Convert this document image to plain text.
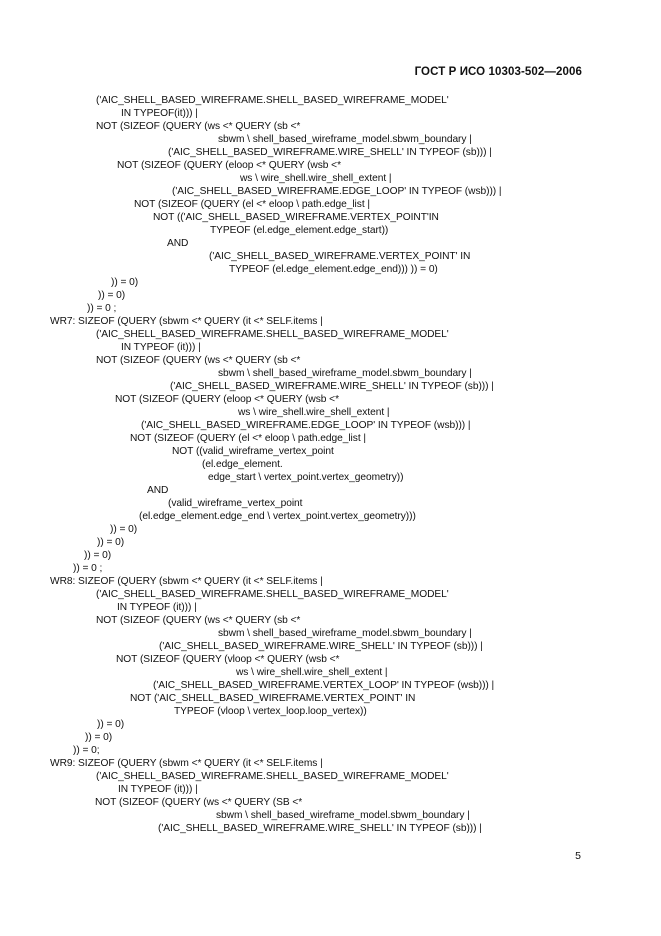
ГОСТ Р ИСО 10303-502—2006
('AIC_SHELL_BASED_WIREFRAME.SHELL_BASED_WIREFRAME_MODEL'
IN TYPEOF(it))) |
NOT (SIZEOF (QUERY (ws <* QUERY (sb <*
sbwm \ shell_based_wireframe_model.sbwm_boundary |
('AIC_SHELL_BASED_WIREFRAME.WIRE_SHELL' IN TYPEOF (sb))) |
NOT (SIZEOF (QUERY (eloop <* QUERY (wsb <*
ws \ wire_shell.wire_shell_extent |
('AIC_SHELL_BASED_WIREFRAME.EDGE_LOOP' IN TYPEOF (wsb))) |
NOT (SIZEOF (QUERY (el <* eloop \ path.edge_list |
NOT (('AIC_SHELL_BASED_WIREFRAME.VERTEX_POINT'IN
TYPEOF (el.edge_element.edge_start))
AND
('AIC_SHELL_BASED_WIREFRAME.VERTEX_POINT' IN
TYPEOF (el.edge_element.edge_end))) )) = 0)
)) = 0)
)) = 0)
)) = 0 ;
WR7: SIZEOF (QUERY (sbwm <* QUERY (it <* SELF.items |
('AIC_SHELL_BASED_WIREFRAME.SHELL_BASED_WIREFRAME_MODEL'
IN TYPEOF (it))) |
NOT (SIZEOF (QUERY (ws <* QUERY (sb <*
sbwm \ shell_based_wireframe_model.sbwm_boundary |
('AIC_SHELL_BASED_WIREFRAME.WIRE_SHELL' IN TYPEOF (sb))) |
NOT (SIZEOF (QUERY (eloop <* QUERY (wsb <*
ws \ wire_shell.wire_shell_extent |
('AIC_SHELL_BASED_WIREFRAME.EDGE_LOOP' IN TYPEOF (wsb))) |
NOT (SIZEOF (QUERY (el <* eloop \ path.edge_list |
NOT ((valid_wireframe_vertex_point
(el.edge_element.
edge_start \ vertex_point.vertex_geometry))
AND
(valid_wireframe_vertex_point
(el.edge_element.edge_end \ vertex_point.vertex_geometry)))
)) = 0)
)) = 0)
)) = 0)
)) = 0 ;
WR8: SIZEOF (QUERY (sbwm <* QUERY (it <* SELF.items |
('AIC_SHELL_BASED_WIREFRAME.SHELL_BASED_WIREFRAME_MODEL'
IN TYPEOF (it))) |
NOT (SIZEOF (QUERY (ws <* QUERY (sb <*
sbwm \ shell_based_wireframe_model.sbwm_boundary |
('AIC_SHELL_BASED_WIREFRAME.WIRE_SHELL' IN TYPEOF (sb))) |
NOT (SIZEOF (QUERY (vloop <* QUERY (wsb <*
ws \ wire_shell.wire_shell_extent |
('AIC_SHELL_BASED_WIREFRAME.VERTEX_LOOP' IN TYPEOF (wsb))) |
NOT ('AIC_SHELL_BASED_WIREFRAME.VERTEX_POINT' IN
TYPEOF (vloop \ vertex_loop.loop_vertex))
)) = 0)
)) = 0)
)) = 0;
WR9: SIZEOF (QUERY (sbwm <* QUERY (it <* SELF.items |
('AIC_SHELL_BASED_WIREFRAME.SHELL_BASED_WIREFRAME_MODEL'
IN TYPEOF (it))) |
NOT (SIZEOF (QUERY (ws <* QUERY (SB <*
sbwm \ shell_based_wireframe_model.sbwm_boundary |
('AIC_SHELL_BASED_WIREFRAME.WIRE_SHELL' IN TYPEOF (sb))) |
5
